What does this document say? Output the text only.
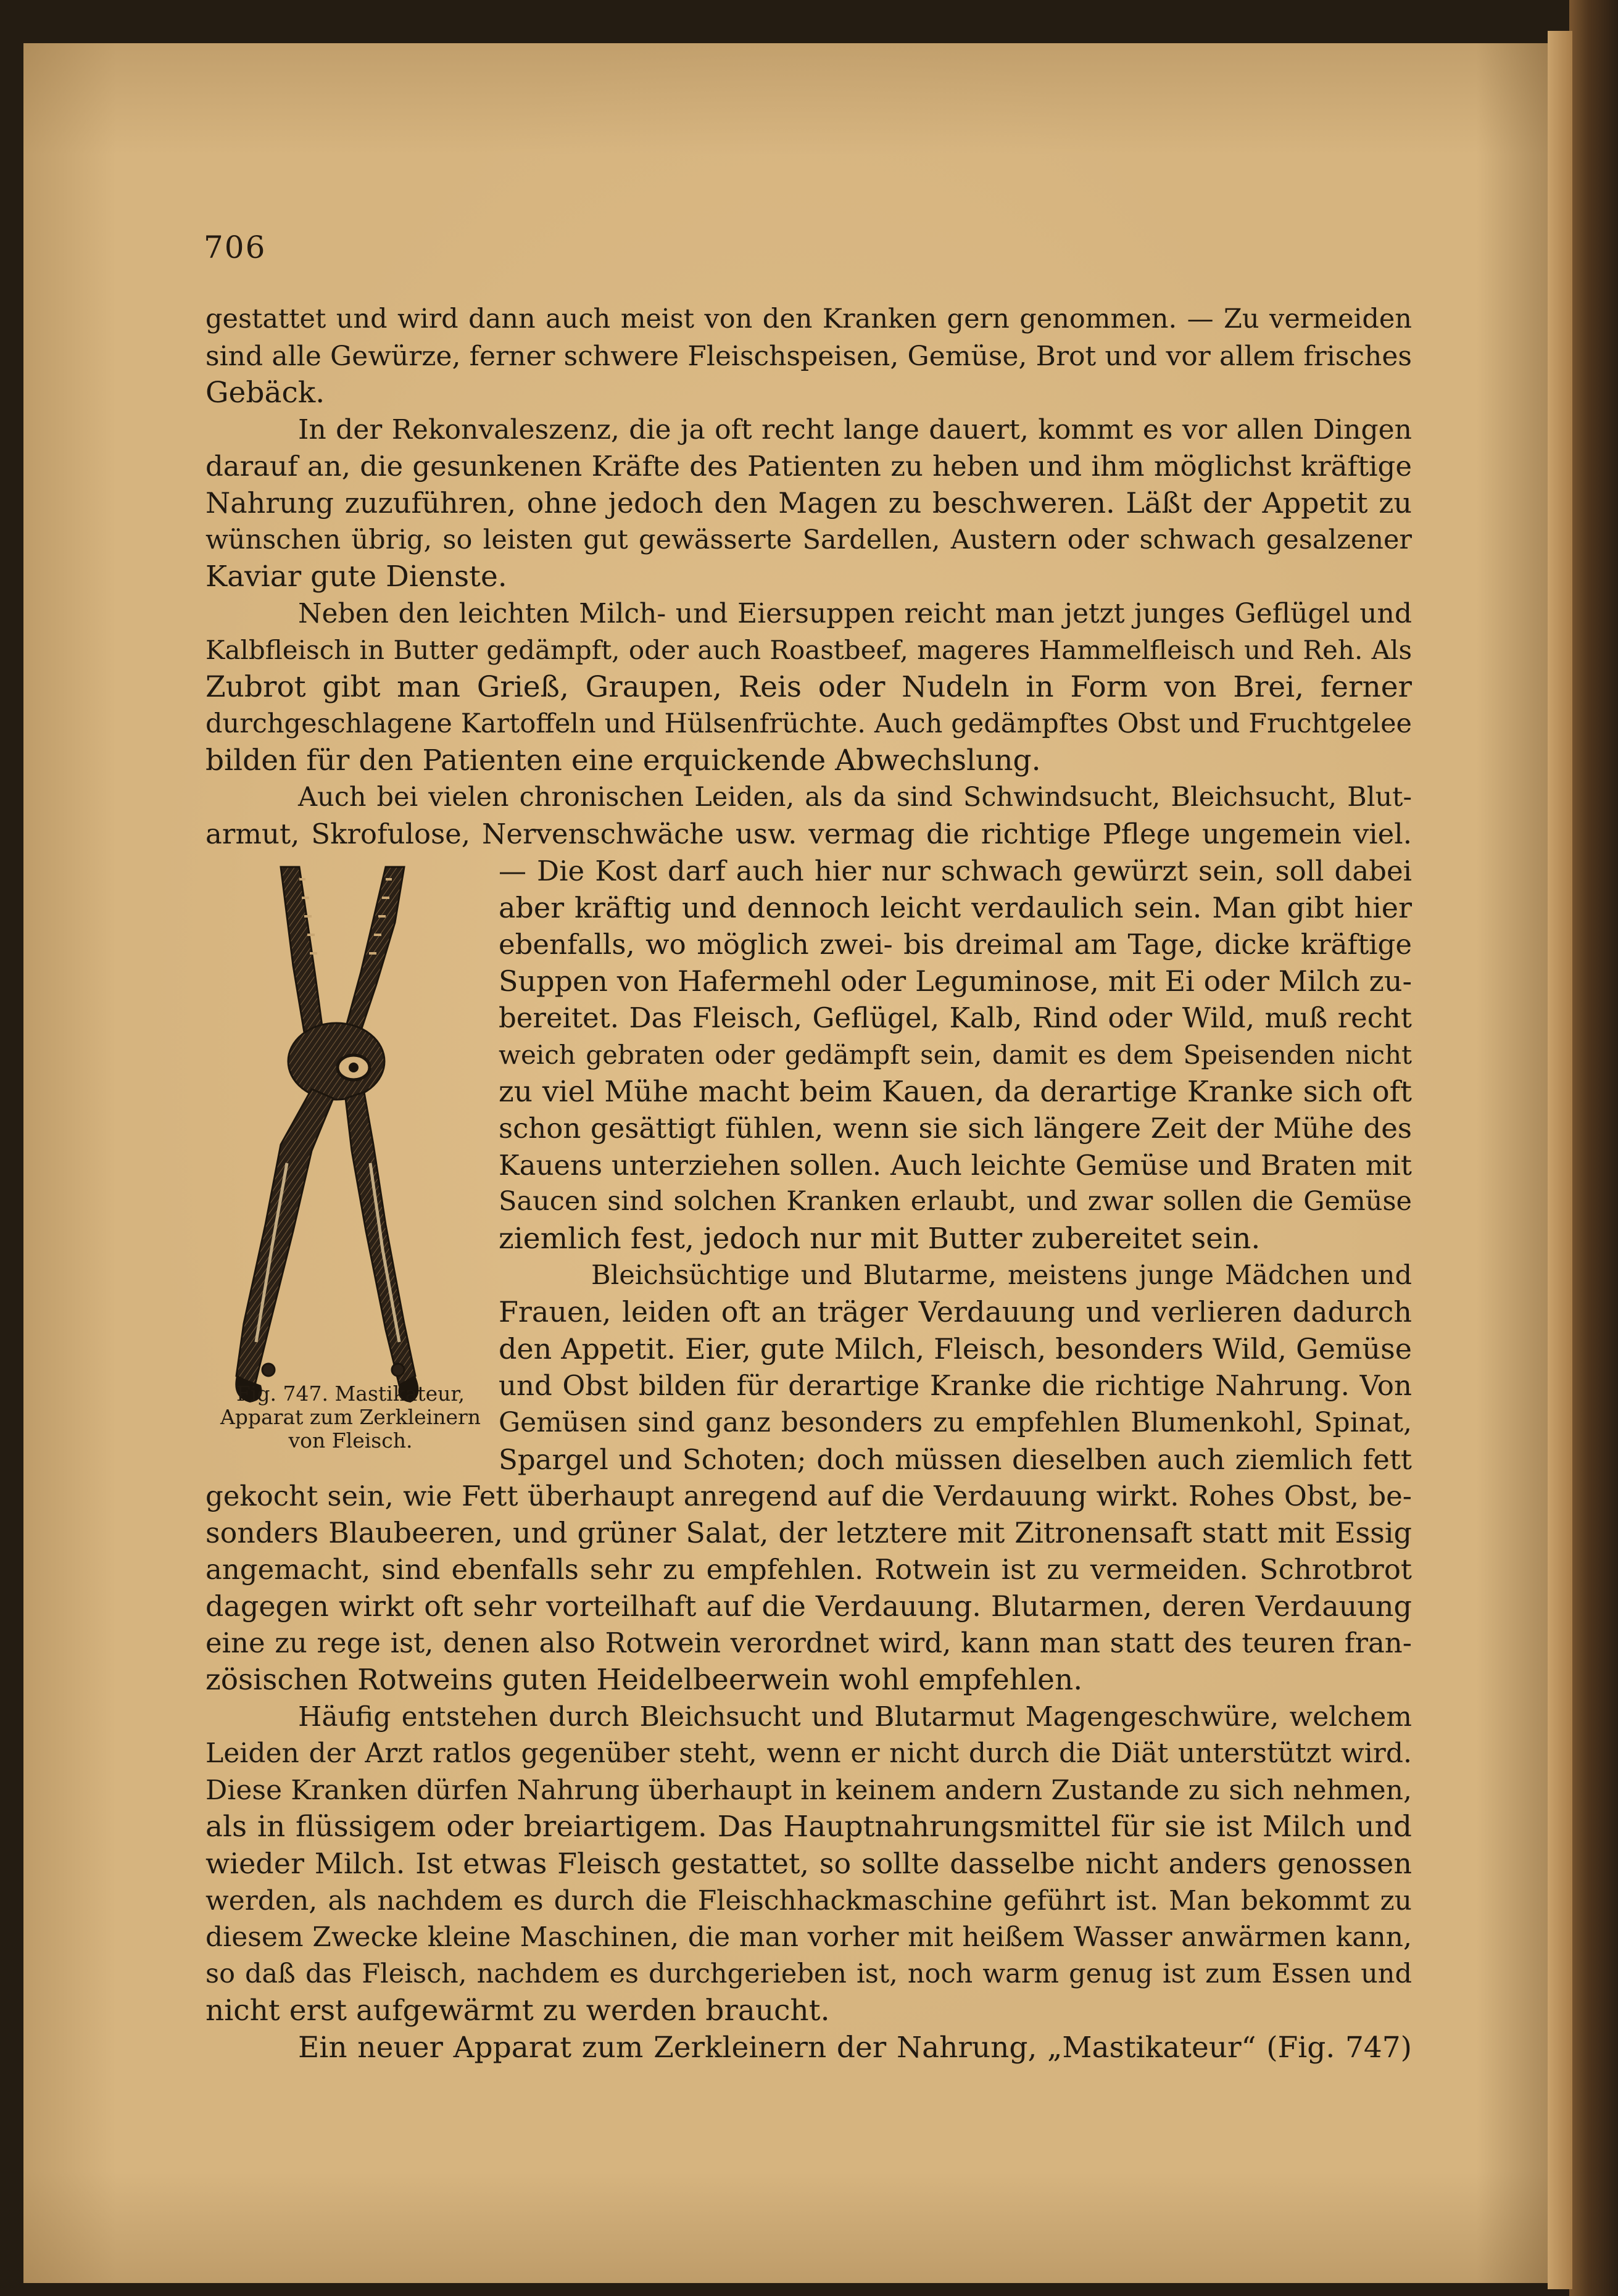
706
gestattet und wird dann auch meist von den Kranken gern genommen. — Zu vermeiden
sind alle Gewürze, ferner schwere Fleischspeisen, Gemüse, Brot und vor allem frisches
Gebäck.
In der Rekonvaleszenz, die ja oft recht lange dauert, kommt es vor allen Dingen
darauf an, die gesunkenen Kräfte des Patienten zu heben und ihm möglichst kräftige
Nahrung zuzuführen, ohne jedoch den Magen zu beschweren. Läßt der Appetit zu
wünschen übrig, so leisten gut gewässerte Sardellen, Austern oder schwach gesalzener
Kaviar gute Dienste.
Neben den leichten Milch- und Eiersuppen reicht man jetzt junges Geflügel und
Kalbfleisch in Butter gedämpft, oder auch Roastbeef, mageres Hammelfleisch und Reh. Als
Zubrot gibt man Grieß, Graupen, Reis oder Nudeln in Form von Brei, ferner
durchgeschlagene Kartoffeln und Hülsenfrüchte. Auch gedämpftes Obst und Fruchtgelee
bilden für den Patienten eine erquickende Abwechslung.
Auch bei vielen chronischen Leiden, als da sind Schwindsucht, Bleichsucht, Blut-
armut, Skrofulose, Nervenschwäche usw. vermag die richtige Pflege ungemein viel.
Fig. 747. Mastikateur,
Apparat zum Zerkleinern
von Fleisch.
— Die Kost darf auch hier nur schwach gewürzt sein, soll dabei
aber kräftig und dennoch leicht verdaulich sein. Man gibt hier
ebenfalls, wo möglich zwei- bis dreimal am Tage, dicke kräftige
Suppen von Hafermehl oder Leguminose, mit Ei oder Milch zu-
bereitet. Das Fleisch, Geflügel, Kalb, Rind oder Wild, muß recht
weich gebraten oder gedämpft sein, damit es dem Speisenden nicht
zu viel Mühe macht beim Kauen, da derartige Kranke sich oft
schon gesättigt fühlen, wenn sie sich längere Zeit der Mühe des
Kauens unterziehen sollen. Auch leichte Gemüse und Braten mit
Saucen sind solchen Kranken erlaubt, und zwar sollen die Gemüse
ziemlich fest, jedoch nur mit Butter zubereitet sein.
Bleichsüchtige und Blutarme, meistens junge Mädchen und
Frauen, leiden oft an träger Verdauung und verlieren dadurch
den Appetit. Eier, gute Milch, Fleisch, besonders Wild, Gemüse
und Obst bilden für derartige Kranke die richtige Nahrung. Von
Gemüsen sind ganz besonders zu empfehlen Blumenkohl, Spinat,
Spargel und Schoten; doch müssen dieselben auch ziemlich fett
gekocht sein, wie Fett überhaupt anregend auf die Verdauung wirkt. Rohes Obst, be-
sonders Blaubeeren, und grüner Salat, der letztere mit Zitronensaft statt mit Essig
angemacht, sind ebenfalls sehr zu empfehlen. Rotwein ist zu vermeiden. Schrotbrot
dagegen wirkt oft sehr vorteilhaft auf die Verdauung. Blutarmen, deren Verdauung
eine zu rege ist, denen also Rotwein verordnet wird, kann man statt des teuren fran-
zösischen Rotweins guten Heidelbeerwein wohl empfehlen.
Häufig entstehen durch Bleichsucht und Blutarmut Magengeschwüre, welchem
Leiden der Arzt ratlos gegenüber steht, wenn er nicht durch die Diät unterstützt wird.
Diese Kranken dürfen Nahrung überhaupt in keinem andern Zustande zu sich nehmen,
als in flüssigem oder breiartigem. Das Hauptnahrungsmittel für sie ist Milch und
wieder Milch. Ist etwas Fleisch gestattet, so sollte dasselbe nicht anders genossen
werden, als nachdem es durch die Fleischhackmaschine geführt ist. Man bekommt zu
diesem Zwecke kleine Maschinen, die man vorher mit heißem Wasser anwärmen kann,
so daß das Fleisch, nachdem es durchgerieben ist, noch warm genug ist zum Essen und
nicht erst aufgewärmt zu werden braucht.
Ein neuer Apparat zum Zerkleinern der Nahrung, „Mastikateur“ (Fig. 747)
